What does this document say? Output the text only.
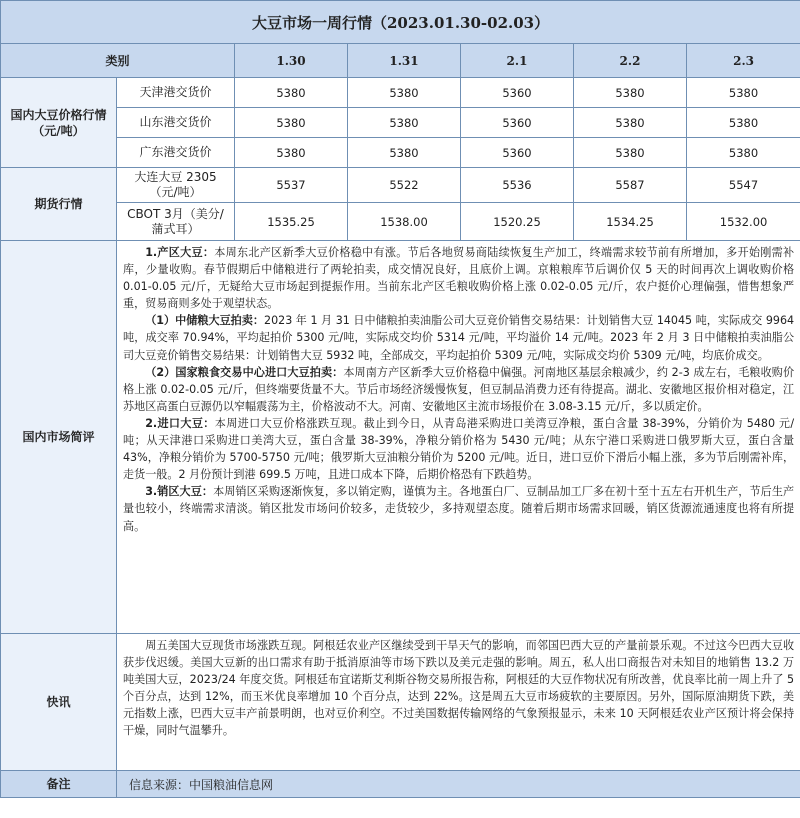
大豆市场一周行情（2023.01.30-02.03）						
类别		1.30	1.31	2.1	2.2	2.3
国内大豆价格行情（元/吨）	天津港交货价	5380	5380	5360	5380	5380
	山东港交货价	5380	5380	5360	5380	5380
	广东港交货价	5380	5380	5360	5380	5380
期货行情	大连大豆 2305（元/吨）	5537	5522	5536	5587	5547
	CBOT 3月（美分/蒲式耳）	1535.25	1538.00	1520.25	1534.25	1532.00
国内市场简评	1.产区大豆：本周东北产区新季大豆价格稳中有涨。节后各地贸易商陆续恢复生产加工，终端需求较节前有所增加，多开始刚需补库，少量收购。春节假期后中储粮进行了两轮拍卖，成交情况良好，且底价上调。京粮粮库节后调价仅 5 天的时间再次上调收购价格 0.01-0.05 元/斤，无疑给大豆市场起到提振作用。当前东北产区毛粮收购价格上涨 0.02-0.05 元/斤，农户挺价心理偏强，惜售想象严重，贸易商则多处于观望状态。

（1）中储粮大豆拍卖：2023 年 1 月 31 日中储粮拍卖油脂公司大豆竞价销售交易结果：计划销售大豆 14045 吨，实际成交 9964 吨，成交率 70.94%，平均起拍价 5300 元/吨，实际成交均价 5314 元/吨，平均溢价 14 元/吨。2023 年 2 月 3 日中储粮拍卖油脂公司大豆竞价销售交易结果：计划销售大豆 5932 吨，全部成交，平均起拍价 5309 元/吨，实际成交均价 5309 元/吨，均底价成交。

（2）国家粮食交易中心进口大豆拍卖：本周南方产区新季大豆价格稳中偏强。河南地区基层余粮减少，约 2-3 成左右，毛粮收购价格上涨 0.02-0.05 元/斤，但终端要货量不大。节后市场经济缓慢恢复，但豆制品消费力还有待提高。湖北、安徽地区报价相对稳定，江苏地区高蛋白豆源仍以窄幅震荡为主，价格波动不大。河南、安徽地区主流市场报价在 3.08-3.15 元/斤，多以质定价。

2.进口大豆：本周进口大豆价格涨跌互现。截止到今日，从青岛港采购进口美湾豆净粮，蛋白含量 38-39%，分销价为 5480 元/吨；从天津港口采购进口美湾大豆，蛋白含量 38-39%，净粮分销价格为 5430 元/吨；从东宁港口采购进口俄罗斯大豆，蛋白含量 43%，净粮分销价为 5700-5750 元/吨；俄罗斯大豆油粮分销价为 5200 元/吨。近日，进口豆价下滑后小幅上涨，多为节后刚需补库，走货一般。2 月份预计到港 699.5 万吨，且进口成本下降，后期价格恐有下跌趋势。

3.销区大豆：本周销区采购逐渐恢复，多以销定购，谨慎为主。各地蛋白厂、豆制品加工厂多在初十至十五左右开机生产，节后生产量也较小，终端需求清淡。销区批发市场问价较多，走货较少，多持观望态度。随着后期市场需求回暖，销区货源流通速度也将有所提高。					

快讯	周五美国大豆现货市场涨跌互现。阿根廷农业产区继续受到干旱天气的影响，而邻国巴西大豆的产量前景乐观。不过这今巴西大豆收获步伐迟缓。美国大豆新的出口需求有助于抵消原油等市场下跌以及美元走强的影响。周五，私人出口商报告对未知目的地销售 13.2 万吨美国大豆，2023/24 年度交货。阿根廷布宜诺斯艾利斯谷物交易所报告称，阿根廷的大豆作物状况有所改善，优良率比前一周上升了 5 个百分点，达到 12%，而玉米优良率增加 10 个百分点，达到 22%。这是周五大豆市场疲软的主要原因。另外，国际原油期货下跌，美元指数上涨，巴西大豆丰产前景明朗，也对豆价利空。不过美国数据传输网络的气象预报显示，未来 10 天阿根廷农业产区预计将会保持干燥，同时气温攀升。					

备注	信息来源：中国粮油信息网					
